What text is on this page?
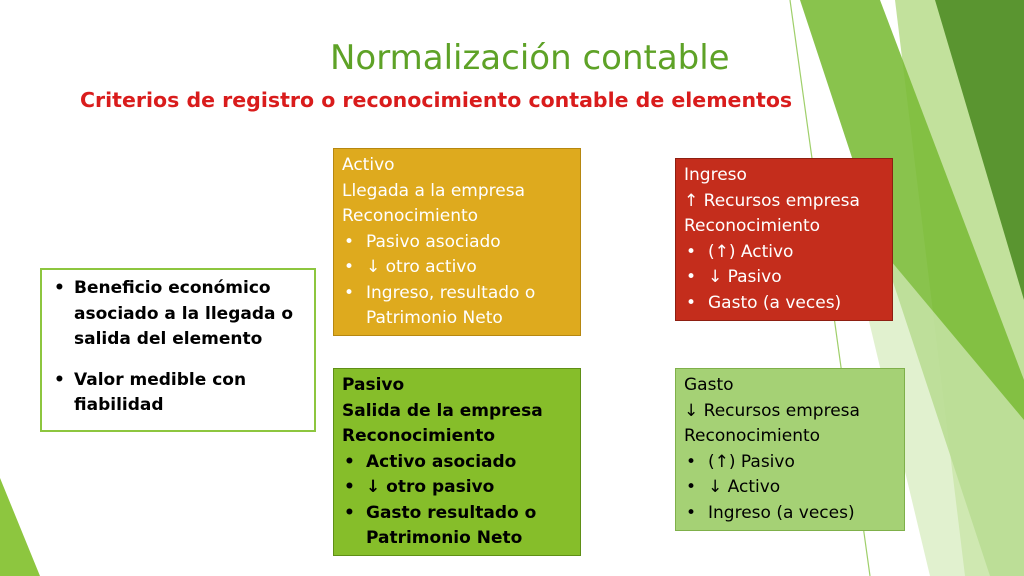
Normalización contable
Criterios de registro o reconocimiento contable de elementos
• Beneficio económico asociado a la llegada o salida del elemento
• Valor medible con fiabilidad
Activo
Llegada a la empresa
Reconocimiento
• Pasivo asociado
• ↓ otro activo
• Ingreso, resultado o Patrimonio Neto
Ingreso
↑ Recursos empresa
Reconocimiento
• (↑) Activo
• ↓ Pasivo
• Gasto (a veces)
Pasivo
Salida de la empresa
Reconocimiento
• Activo asociado
• ↓ otro pasivo
• Gasto resultado o Patrimonio Neto
Gasto
↓ Recursos empresa
Reconocimiento
• (↑) Pasivo
• ↓ Activo
• Ingreso (a veces)
